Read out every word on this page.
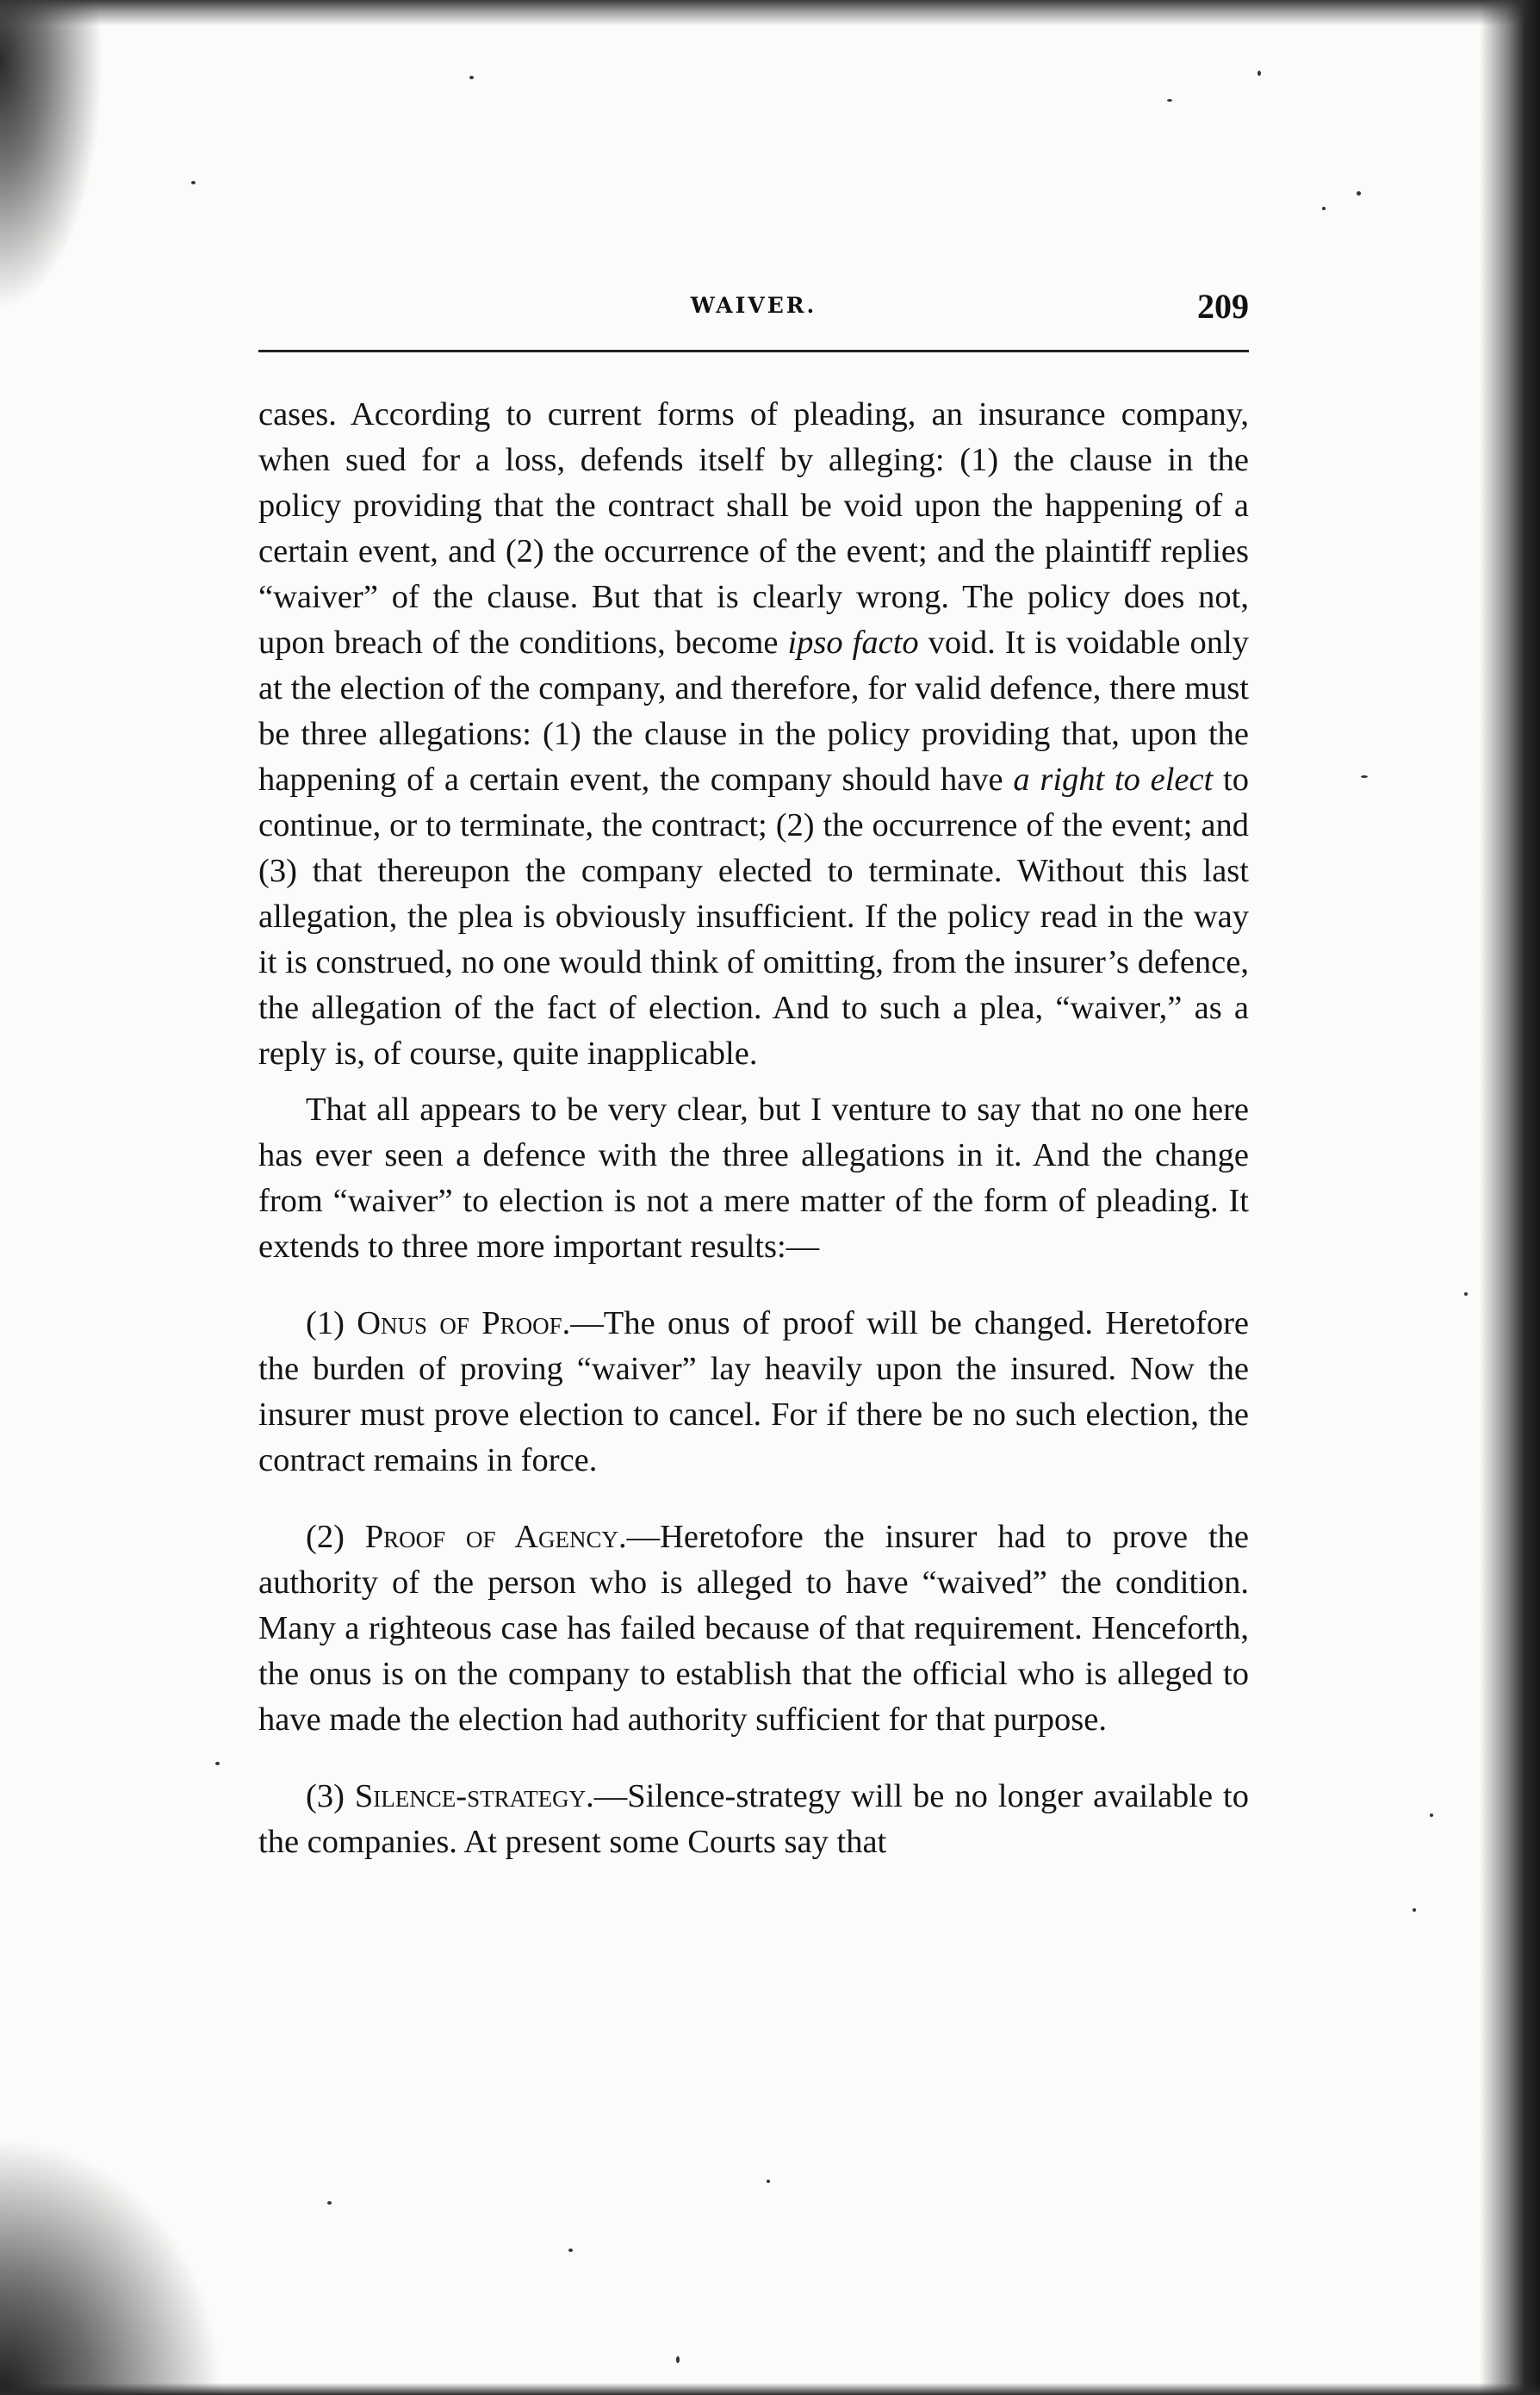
WAIVER.	209

cases. According to current forms of pleading, an insurance company, when sued for a loss, defends itself by alleging: (1) the clause in the policy providing that the contract shall be void upon the happening of a certain event, and (2) the occurrence of the event; and the plaintiff replies “waiver” of the clause. But that is clearly wrong. The policy does not, upon breach of the conditions, become ipso facto void. It is voidable only at the election of the company, and therefore, for valid defence, there must be three allegations: (1) the clause in the policy providing that, upon the happening of a certain event, the company should have a right to elect to continue, or to terminate, the contract; (2) the occurrence of the event; and (3) that thereupon the company elected to terminate. Without this last allegation, the plea is obviously insufficient. If the policy read in the way it is construed, no one would think of omitting, from the insurer’s defence, the allegation of the fact of election. And to such a plea, “waiver,” as a reply is, of course, quite inapplicable.

That all appears to be very clear, but I venture to say that no one here has ever seen a defence with the three allegations in it. And the change from “waiver” to election is not a mere matter of the form of pleading. It extends to three more important results:—

(1) Onus of Proof.—The onus of proof will be changed. Heretofore the burden of proving “waiver” lay heavily upon the insured. Now the insurer must prove election to cancel. For if there be no such election, the contract remains in force.

(2) Proof of Agency.—Heretofore the insurer had to prove the authority of the person who is alleged to have “waived” the condition. Many a righteous case has failed because of that requirement. Henceforth, the onus is on the company to establish that the official who is alleged to have made the election had authority sufficient for that purpose.

(3) Silence-strategy.—Silence-strategy will be no longer available to the companies. At present some Courts say that
